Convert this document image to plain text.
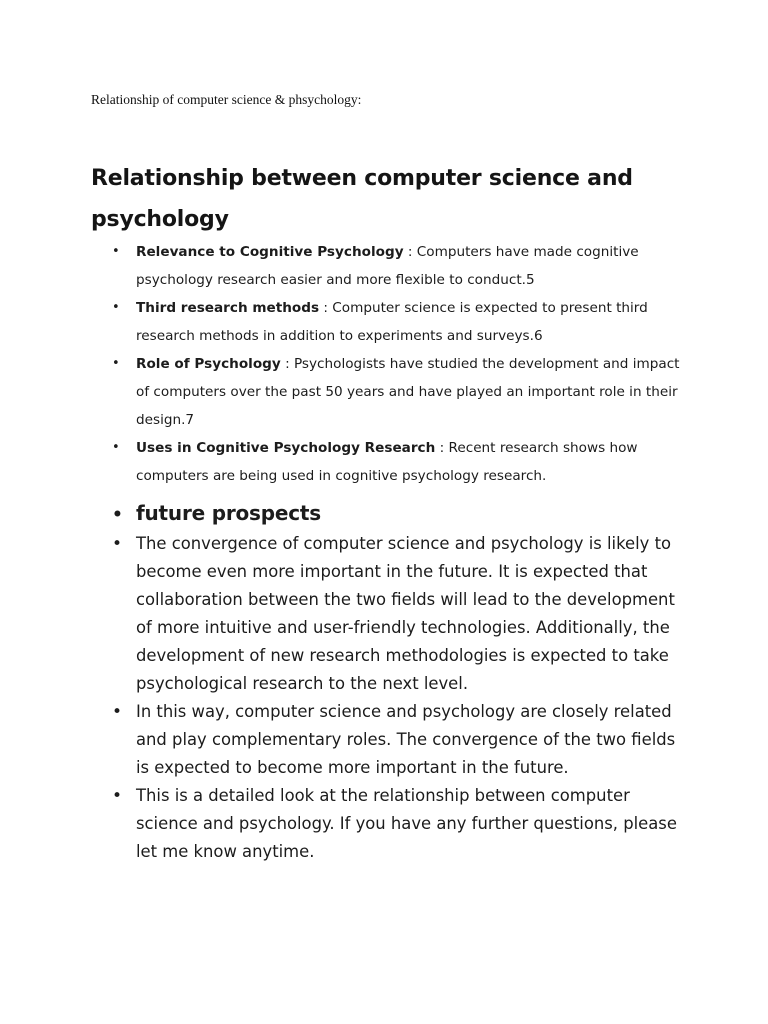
Relationship of computer science & phsychology:
Relationship between computer science and psychology
• Relevance to Cognitive Psychology : Computers have made cognitive psychology research easier and more flexible to conduct.5
• Third research methods : Computer science is expected to present third research methods in addition to experiments and surveys.6
• Role of Psychology : Psychologists have studied the development and impact of computers over the past 50 years and have played an important role in their design.7
• Uses in Cognitive Psychology Research : Recent research shows how computers are being used in cognitive psychology research.
• future prospects
• The convergence of computer science and psychology is likely to become even more important in the future. It is expected that collaboration between the two fields will lead to the development of more intuitive and user-friendly technologies. Additionally, the development of new research methodologies is expected to take psychological research to the next level.
• In this way, computer science and psychology are closely related and play complementary roles. The convergence of the two fields is expected to become more important in the future.
• This is a detailed look at the relationship between computer science and psychology. If you have any further questions, please let me know anytime.
